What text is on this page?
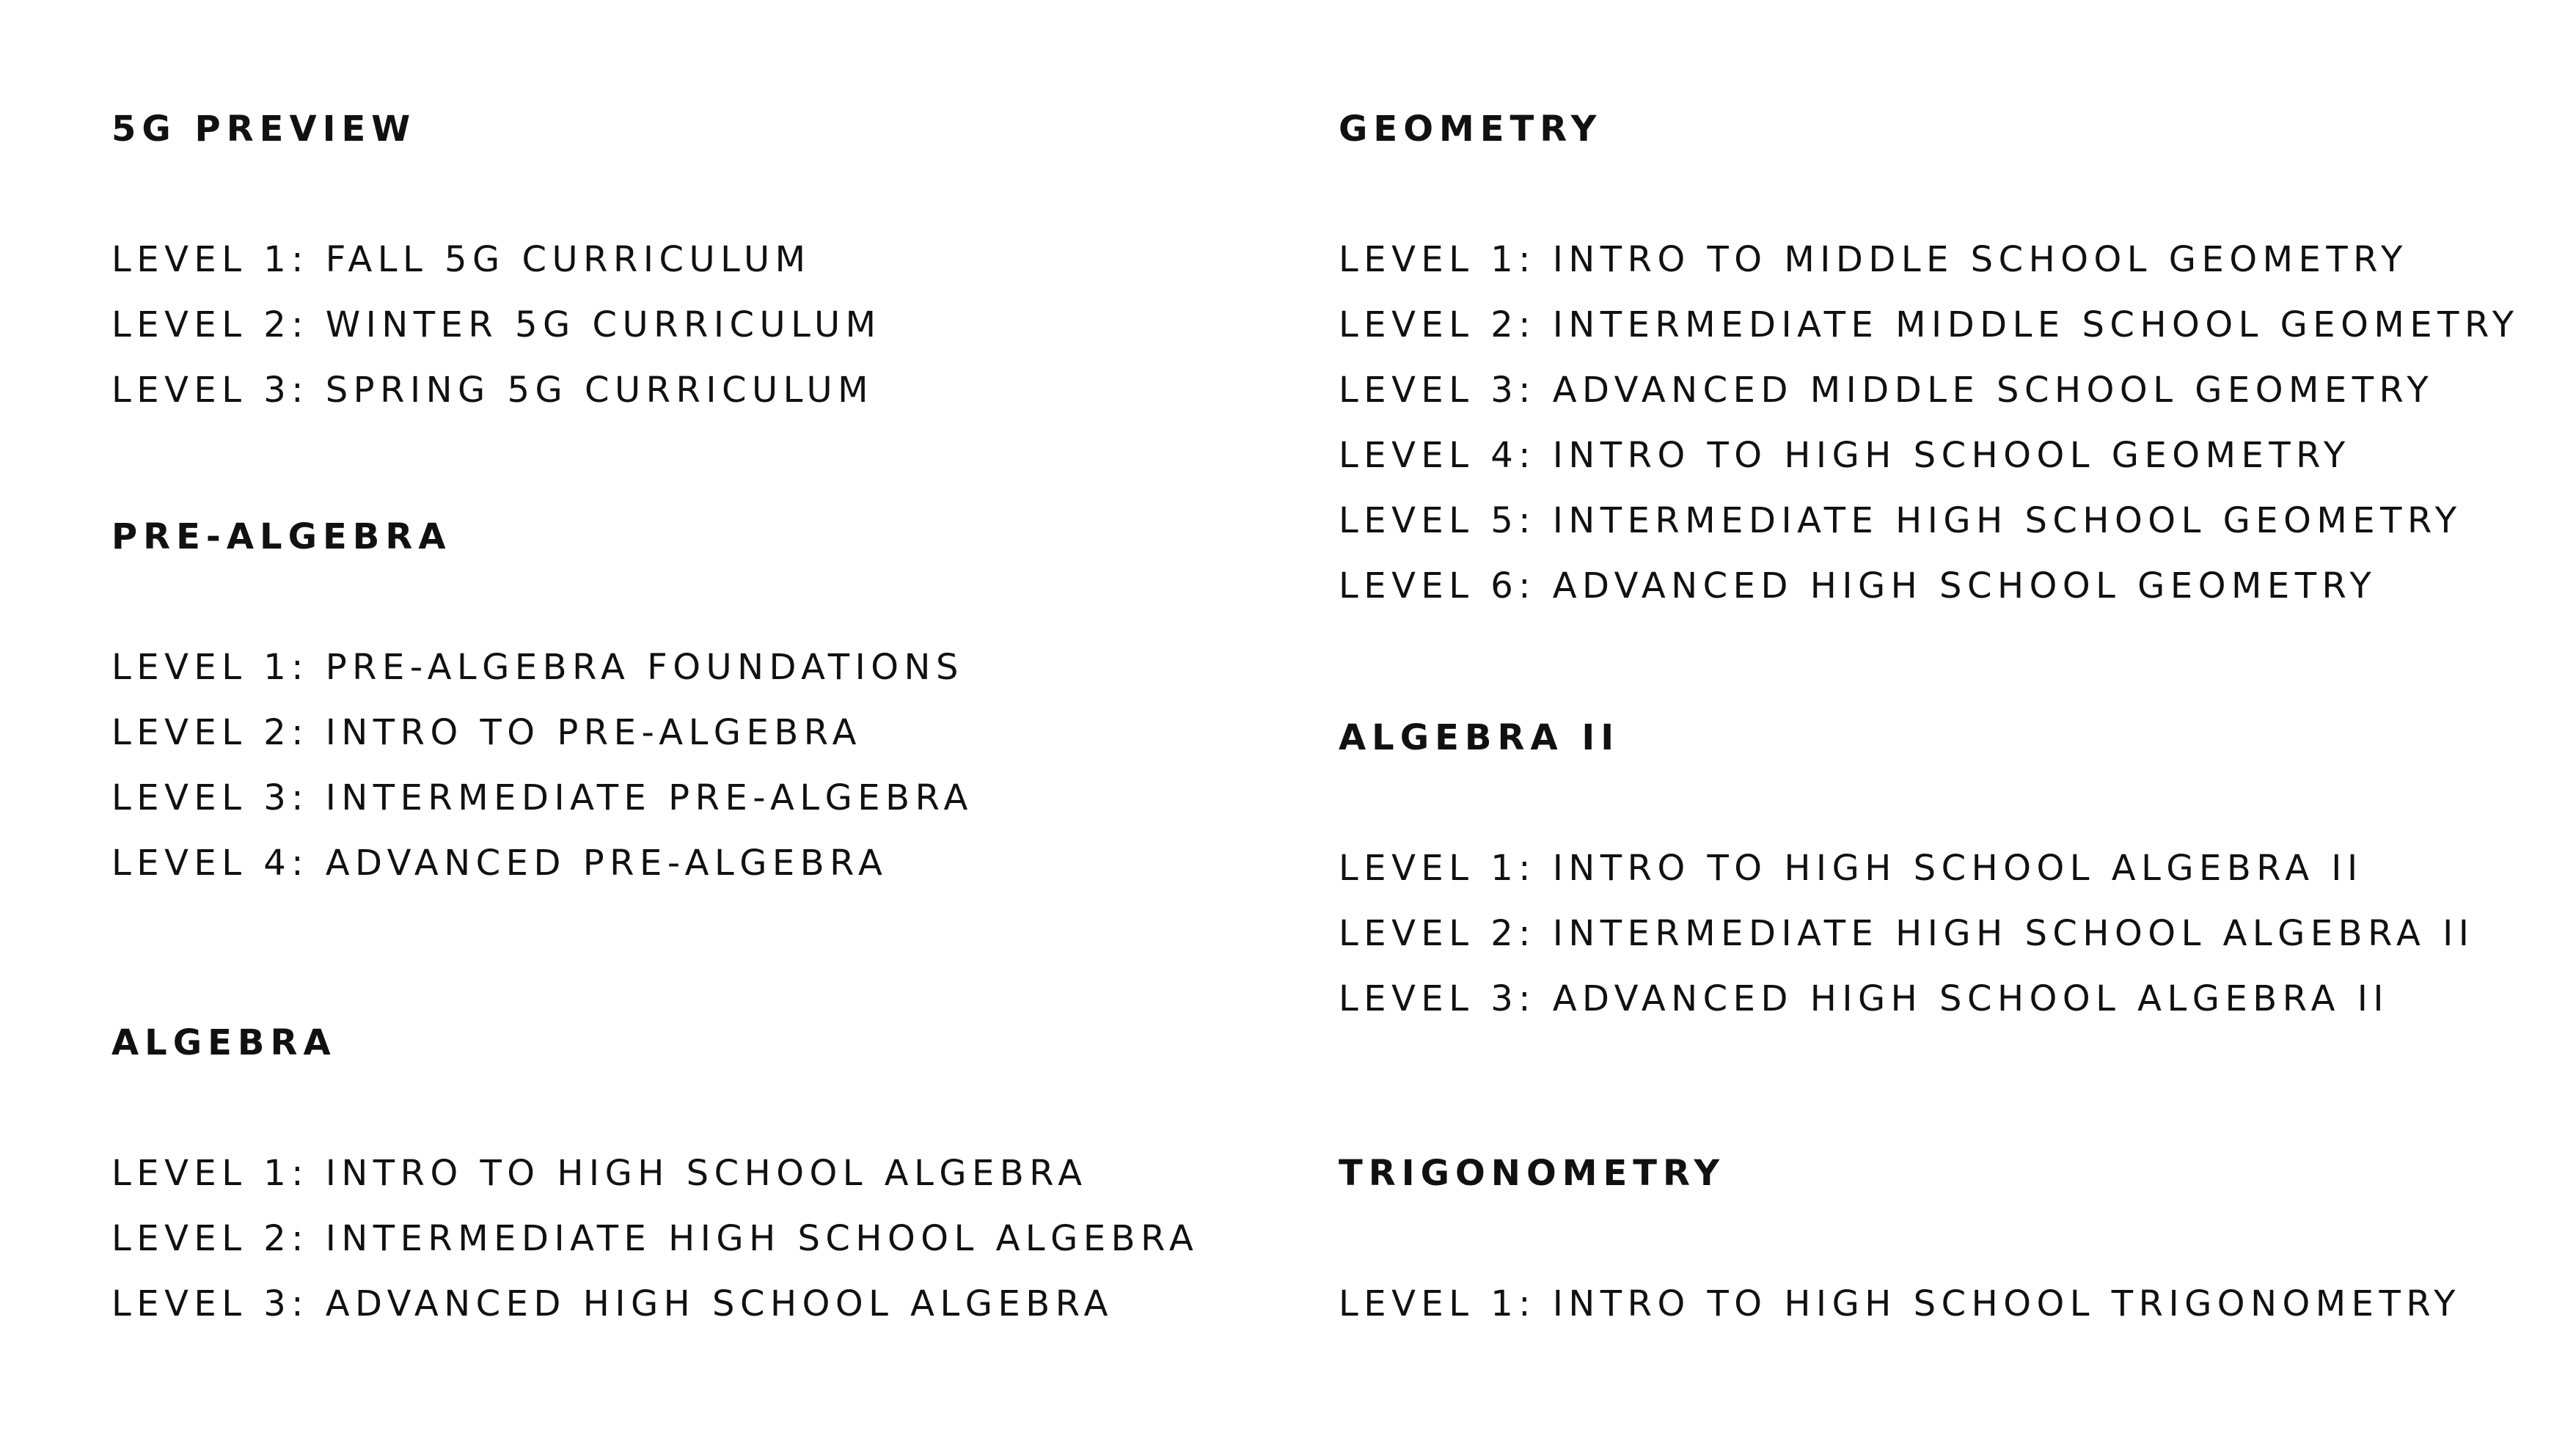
5G PREVIEW
LEVEL 1: FALL 5G CURRICULUM
LEVEL 2: WINTER 5G CURRICULUM
LEVEL 3: SPRING 5G CURRICULUM
PRE-ALGEBRA
LEVEL 1: PRE-ALGEBRA FOUNDATIONS
LEVEL 2: INTRO TO PRE-ALGEBRA
LEVEL 3: INTERMEDIATE PRE-ALGEBRA
LEVEL 4: ADVANCED PRE-ALGEBRA
ALGEBRA
LEVEL 1: INTRO TO HIGH SCHOOL ALGEBRA
LEVEL 2: INTERMEDIATE HIGH SCHOOL ALGEBRA
LEVEL 3: ADVANCED HIGH SCHOOL ALGEBRA
GEOMETRY
LEVEL 1: INTRO TO MIDDLE SCHOOL GEOMETRY
LEVEL 2: INTERMEDIATE MIDDLE SCHOOL GEOMETRY
LEVEL 3: ADVANCED MIDDLE SCHOOL GEOMETRY
LEVEL 4: INTRO TO HIGH SCHOOL GEOMETRY
LEVEL 5: INTERMEDIATE HIGH SCHOOL GEOMETRY
LEVEL 6: ADVANCED HIGH SCHOOL GEOMETRY
ALGEBRA II
LEVEL 1: INTRO TO HIGH SCHOOL ALGEBRA II
LEVEL 2: INTERMEDIATE HIGH SCHOOL ALGEBRA II
LEVEL 3: ADVANCED HIGH SCHOOL ALGEBRA II
TRIGONOMETRY
LEVEL 1: INTRO TO HIGH SCHOOL TRIGONOMETRY
